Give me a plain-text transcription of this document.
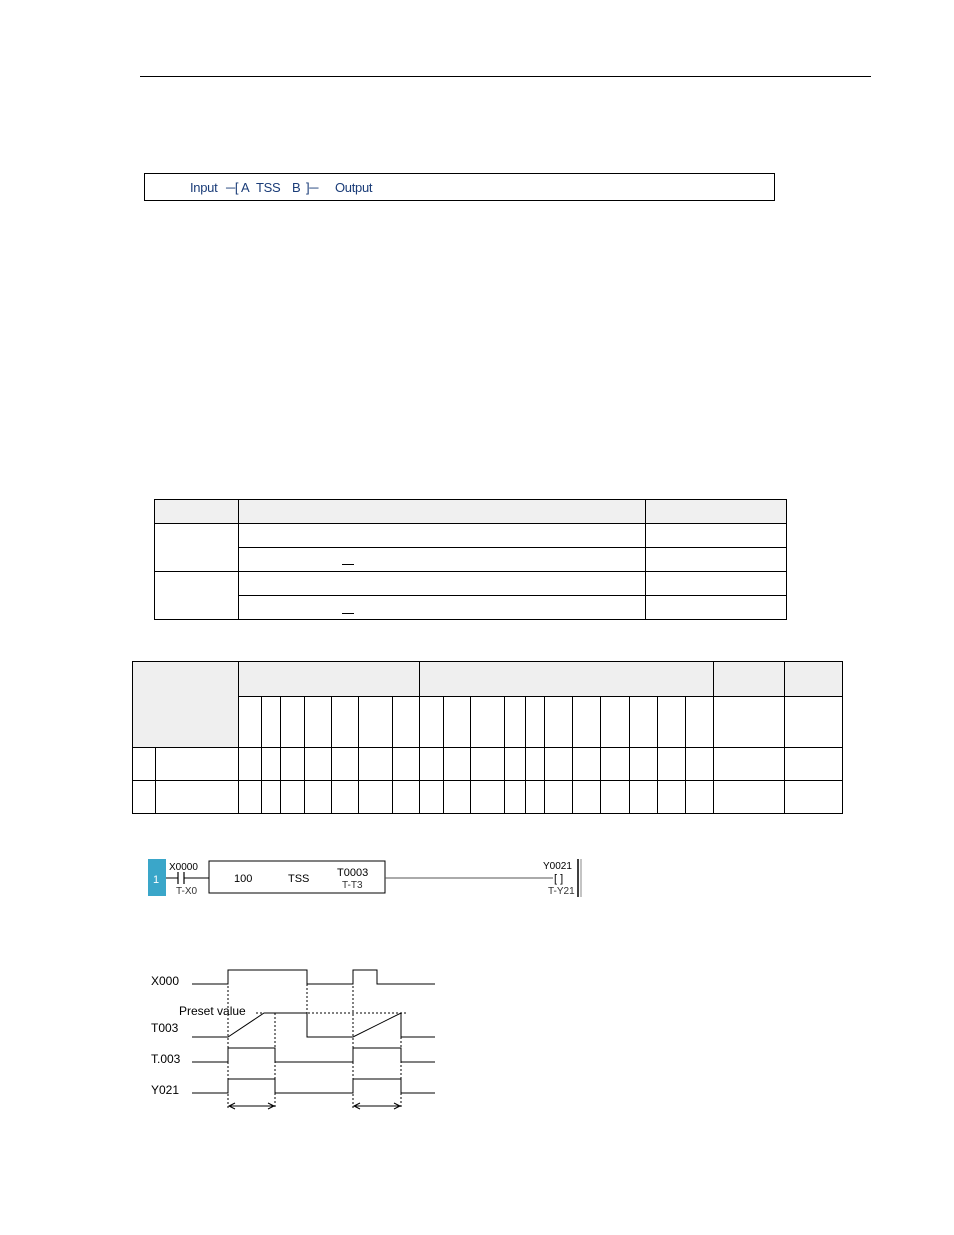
Input ─[ A TSS B ]─ Output

1
X0000
T-X0
100	TSS	T0003
T-T3
Y0021
[ ]
T-Y21
X000
T003
T.003
Y021
Preset value
